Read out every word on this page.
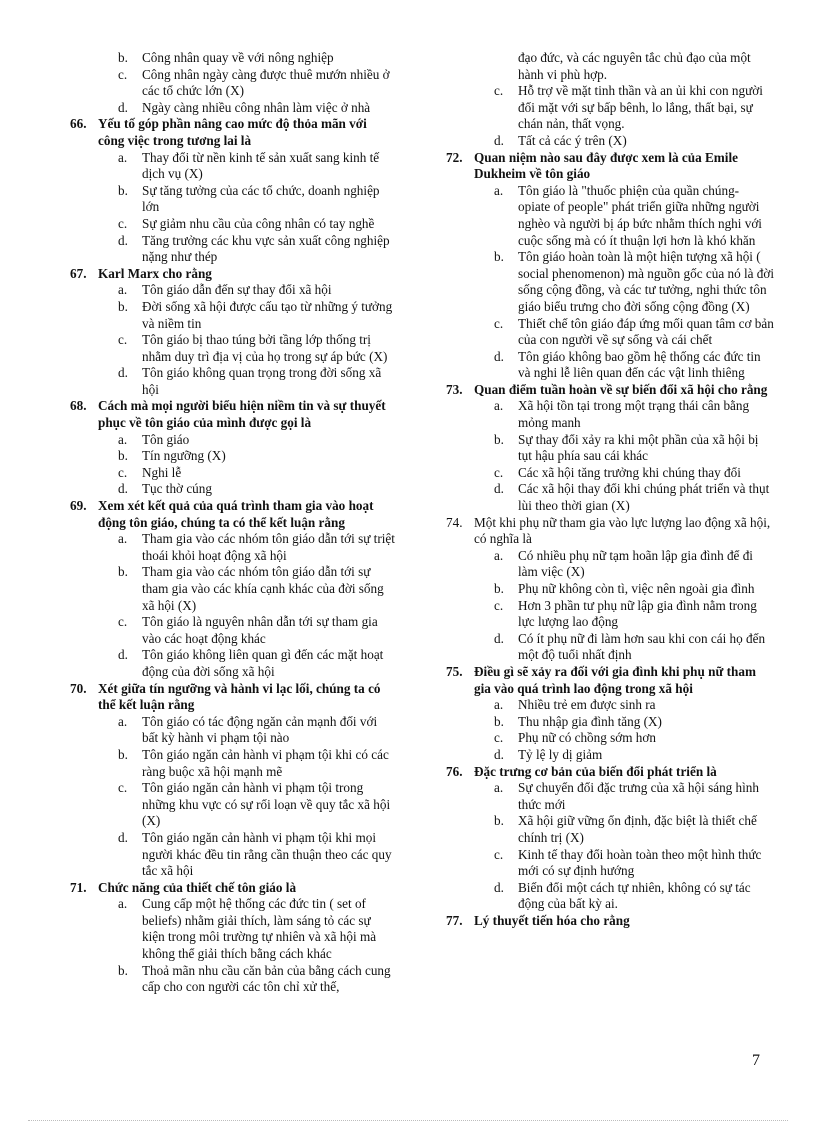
b.	Công nhân quay về với nông nghiệp
c.	Công nhân ngày càng được thuê mướn nhiều ở các tổ chức lớn (X)
d.	Ngày càng nhiều công nhân làm việc ở nhà
66. Yếu tố góp phần nâng cao mức độ thỏa mãn với công việc trong tương lai là
a.	Thay đổi từ nền kinh tế sản xuất sang kinh tế dịch vụ (X)
b.	Sự tăng tưởng của các tổ chức, doanh nghiệp lớn
c.	Sự giảm nhu cầu của công nhân có tay nghề
d.	Tăng trưởng các khu vực sản xuất công nghiệp nặng như thép
67. Karl Marx cho rằng
a.	Tôn giáo dẫn đến sự thay đổi xã hội
b.	Đời sống xã hội được cấu tạo từ những ý tưởng và niềm tin
c.	Tôn giáo bị thao túng bởi tầng lớp thống trị nhằm duy trì địa vị của họ trong sự áp bức (X)
d.	Tôn giáo không quan trọng trong đời sống xã hội
68. Cách mà mọi người biểu hiện niềm tin và sự thuyết phục về tôn giáo của mình được gọi là
a.	Tôn giáo
b.	Tín ngưỡng (X)
c.	Nghi lễ
d.	Tục thờ cúng
69. Xem xét kết quả của quá trình tham gia vào hoạt động tôn giáo, chúng ta có thể kết luận rằng
a.	Tham gia vào các nhóm tôn giáo dẫn tới sự triệt thoái khỏi hoạt động xã hội
b.	Tham gia vào các nhóm tôn giáo dẫn tới sự tham gia vào các khía cạnh khác của đời sống xã hội (X)
c.	Tôn giáo là nguyên nhân dẫn tới sự tham gia vào các hoạt động khác
d.	Tôn giáo không liên quan gì đến các mặt hoạt động của đời sống xã hội
70. Xét giữa tín ngưỡng và hành vi lạc lối, chúng ta có thể kết luận rằng
a.	Tôn giáo có tác động ngăn cản mạnh đối với bất kỳ hành vi phạm tội nào
b.	Tôn giáo ngăn cản hành vi phạm tội khi có các ràng buộc xã hội mạnh mẽ
c.	Tôn giáo ngăn cản hành vi phạm tội trong những khu vực có sự rối loạn về quy tắc xã hội (X)
d.	Tôn giáo ngăn cản hành vi phạm tội khi mọi người khác đều tin rằng cần thuận theo các quy tắc xã hội
71. Chức năng của thiết chế tôn giáo là
a.	Cung cấp một hệ thống các đức tin ( set of beliefs) nhằm giải thích, làm sáng tỏ các sự kiện trong môi trường tự nhiên và xã hội mà không thể giải thích bằng cách khác
b.	Thoả mãn nhu cầu căn bản của bằng cách cung cấp cho con người các tôn chỉ xử thế,
đạo đức, và các nguyên tắc chủ đạo của một hành vi phù hợp.
c.	Hỗ trợ về mặt tinh thần và an ủi khi con người đối mặt với sự bấp bênh, lo lắng, thất bại, sự chán nản, thất vọng.
d.	Tất cả các ý trên (X)
72. Quan niệm nào sau đây được xem là của Emile Dukheim về tôn giáo
a.	Tôn giáo là "thuốc phiện của quần chúng- opiate of people" phát triển giữa những người nghèo và người bị áp bức nhằm thích nghi với cuộc sống mà có ít thuận lợi hơn là khó khăn
b.	Tôn giáo hoàn toàn là một hiện tượng xã hội ( social phenomenon) mà nguồn gốc của nó là đời sống cộng đồng, và các tư tưởng, nghi thức tôn giáo biểu trưng cho đời sống cộng đồng (X)
c.	Thiết chế tôn giáo đáp ứng mối quan tâm cơ bản của con người về sự sống và cái chết
d.	Tôn giáo không bao gồm hệ thống các đức tin và nghi lễ liên quan đến các vật linh thiêng
73. Quan điểm tuần hoàn về sự biến đổi xã hội cho rằng
a.	Xã hội tồn tại trong một trạng thái cân bằng mỏng manh
b.	Sự thay đổi xảy ra khi một phần của xã hội bị tụt hậu phía sau cái khác
c.	Các xã hội tăng trưởng khi chúng thay đổi
d.	Các xã hội thay đổi khi chúng phát triển và thụt lùi theo thời gian (X)
74. Một khi phụ nữ tham gia vào lực lượng lao động xã hội, có nghĩa là
a.	Có nhiều phụ nữ tạm hoãn lập gia đình để đi làm việc (X)
b.	Phụ nữ không còn tì, việc nên ngoài gia đình
c.	Hơn 3 phần tư phụ nữ lập gia đình nằm trong lực lượng lao động
d.	Có ít phụ nữ đi làm hơn sau khi con cái họ đến một độ tuổi nhất định
75. Điều gì sẽ xảy ra đối với gia đình khi phụ nữ tham gia vào quá trình lao động trong xã hội
a.	Nhiều trẻ em được sinh ra
b.	Thu nhập gia đình tăng (X)
c.	Phụ nữ có chồng sớm hơn
d.	Tỷ lệ ly dị giảm
76. Đặc trưng cơ bản của biến đổi phát triển là
a.	Sự chuyển đổi đặc trưng của xã hội sáng hình thức mới
b.	Xã hội giữ vững ổn định, đặc biệt là thiết chế chính trị (X)
c.	Kinh tế thay đổi hoàn toàn theo một hình thức mới có sự định hướng
d.	Biến đổi một cách tự nhiên, không có sự tác động của bất kỳ ai.
77. Lý thuyết tiến hóa cho rằng
7
